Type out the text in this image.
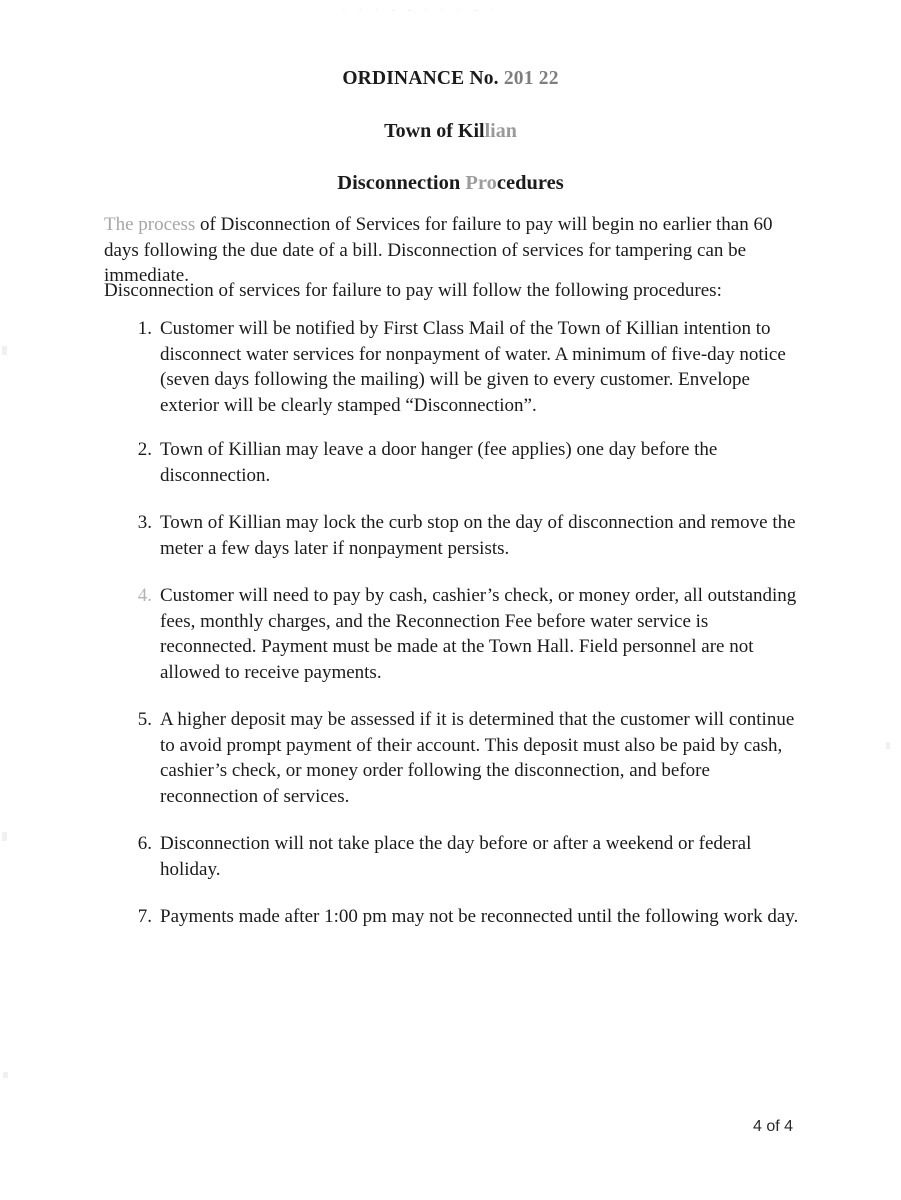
· · · - - · · · - ·
ORDINANCE No. 201 22
Town of Killian
Disconnection Procedures
The process of Disconnection of Services for failure to pay will begin no earlier than 60 days following the due date of a bill. Disconnection of services for tampering can be immediate.
Disconnection of services for failure to pay will follow the following procedures:
1. Customer will be notified by First Class Mail of the Town of Killian intention to disconnect water services for nonpayment of water. A minimum of five-day notice (seven days following the mailing) will be given to every customer. Envelope exterior will be clearly stamped “Disconnection”.
2. Town of Killian may leave a door hanger (fee applies) one day before the disconnection.
3. Town of Killian may lock the curb stop on the day of disconnection and remove the meter a few days later if nonpayment persists.
4. Customer will need to pay by cash, cashier’s check, or money order, all outstanding fees, monthly charges, and the Reconnection Fee before water service is reconnected. Payment must be made at the Town Hall. Field personnel are not allowed to receive payments.
5. A higher deposit may be assessed if it is determined that the customer will continue to avoid prompt payment of their account. This deposit must also be paid by cash, cashier’s check, or money order following the disconnection, and before reconnection of services.
6. Disconnection will not take place the day before or after a weekend or federal holiday.
7. Payments made after 1:00 pm may not be reconnected until the following work day.
4 of 4
